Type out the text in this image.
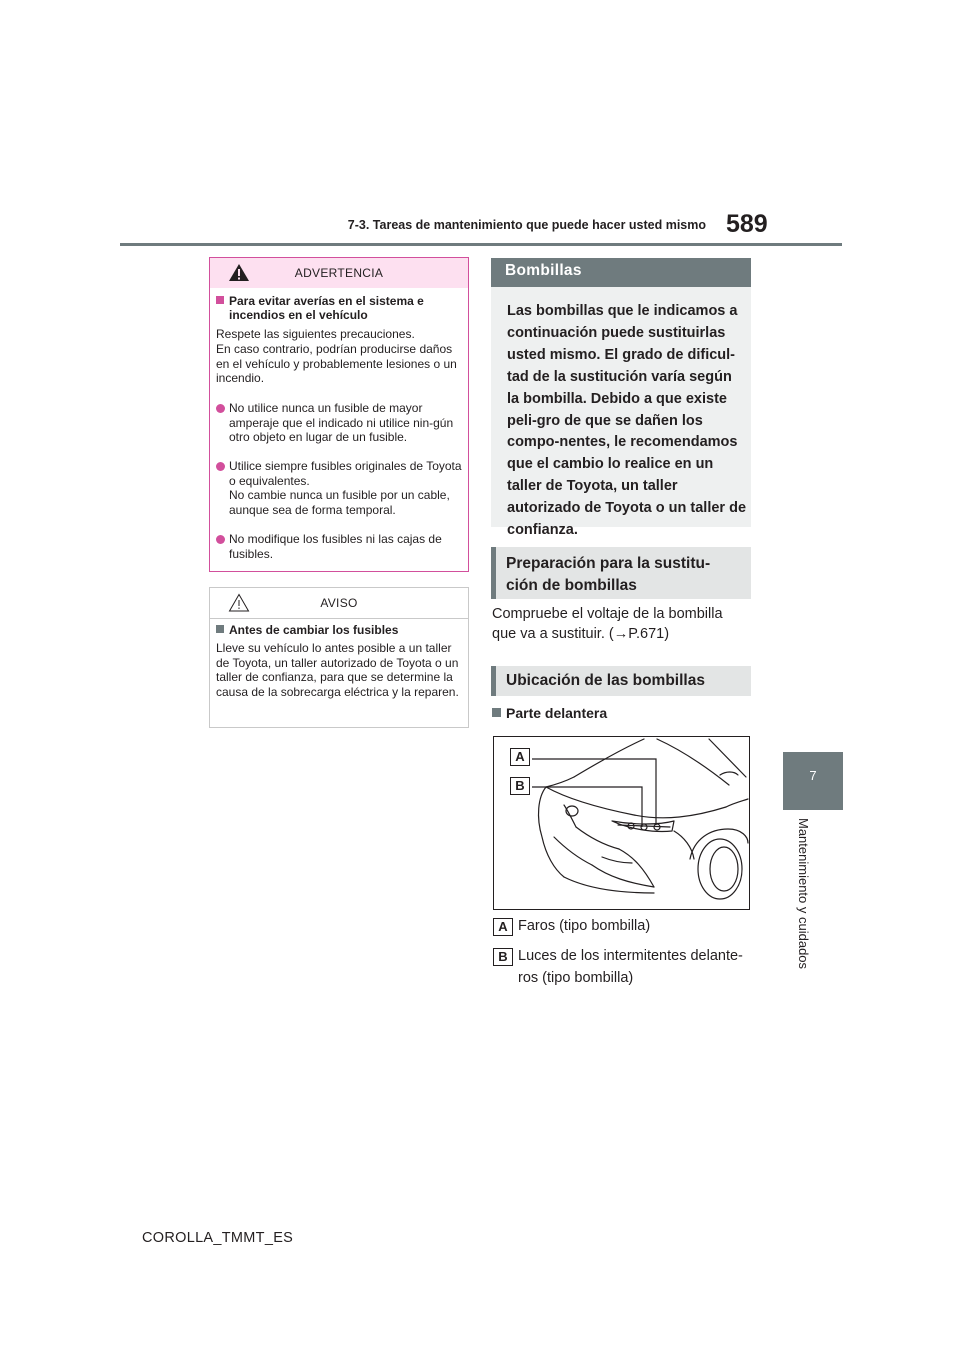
7-3. Tareas de mantenimiento que puede hacer usted mismo 589
7
Mantenimiento y cuidados
ADVERTENCIA
Para evitar averías en el sistema e incendios en el vehículo
Respete las siguientes precauciones.
En caso contrario, podrían producirse daños en el vehículo y probablemente lesiones o un incendio.
No utilice nunca un fusible de mayor amperaje que el indicado ni utilice nin-gún otro objeto en lugar de un fusible.
Utilice siempre fusibles originales de Toyota o equivalentes.
No cambie nunca un fusible por un cable, aunque sea de forma temporal.
No modifique los fusibles ni las cajas de fusibles.
AVISO
Antes de cambiar los fusibles
Lleve su vehículo lo antes posible a un taller de Toyota, un taller autorizado de Toyota o un taller de confianza, para que se determine la causa de la sobrecarga eléctrica y la reparen.
Bombillas
Las bombillas que le indicamos a continuación puede sustituirlas usted mismo. El grado de dificul-tad de la sustitución varía según la bombilla. Debido a que existe peli-gro de que se dañen los compo-nentes, le recomendamos que el cambio lo realice en un taller de Toyota, un taller autorizado de Toyota o un taller de confianza.
Preparación para la sustitu-
ción de bombillas
Compruebe el voltaje de la bombilla
que va a sustituir. (→P.671)
Ubicación de las bombillas
Parte delantera
A
B
A Faros (tipo bombilla)
B Luces de los intermitentes delante-
ros (tipo bombilla)
COROLLA_TMMT_ES
